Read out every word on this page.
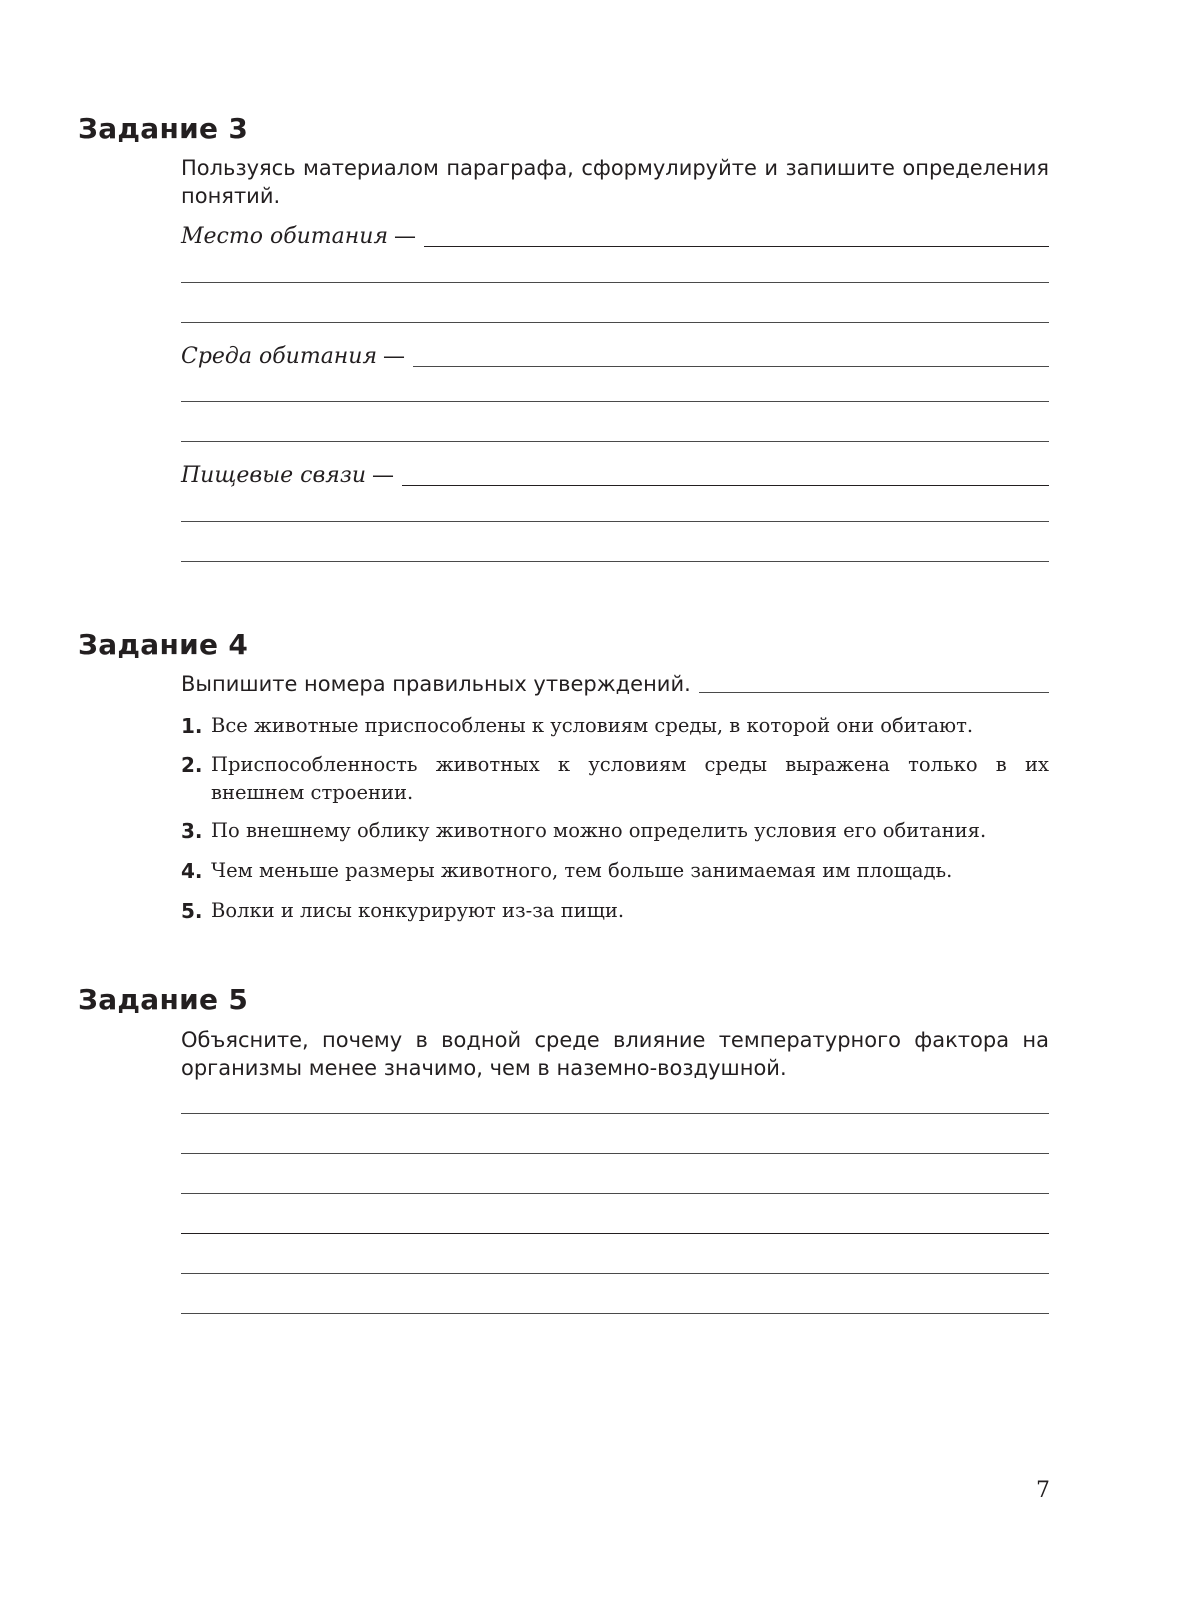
Задание 3

Пользуясь материалом параграфа, сформулируйте и запишите определения понятий.

Место обитания —
Среда обитания —
Пищевые связи —
Задание 4
Выпишите номера правильных утверждений.
1. Все животные приспособлены к условиям среды, в которой они обитают.
2. Приспособленность животных к условиям среды выражена только в их внешнем строении.
3. По внешнему облику животного можно определить условия его обитания.
4. Чем меньше размеры животного, тем больше занимаемая им площадь.
5. Волки и лисы конкурируют из-за пищи.
Задание 5

Объясните, почему в водной среде влияние температурного фактора на организмы менее значимо, чем в наземно-воздушной.

7
